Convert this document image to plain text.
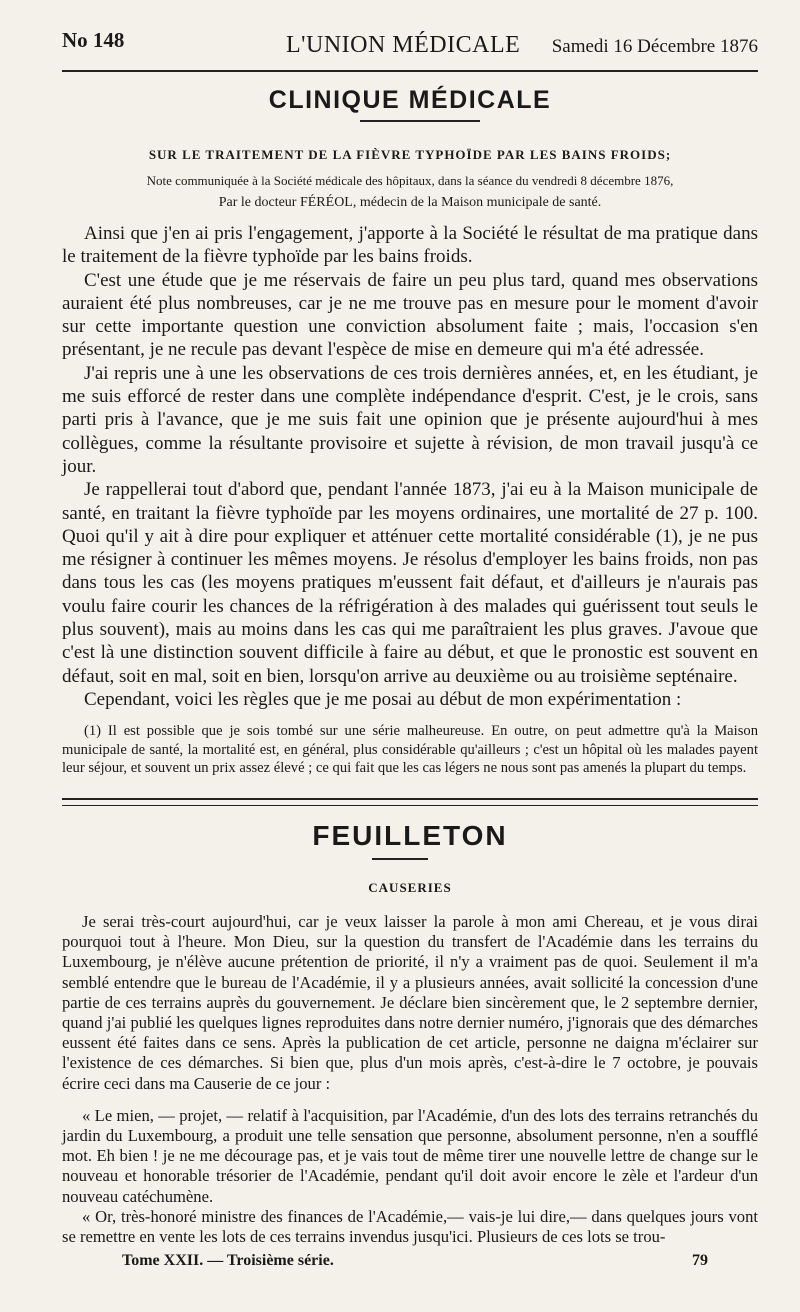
No 148	L'UNION MÉDICALE Samedi 16 Décembre 1876
CLINIQUE MÉDICALE
SUR LE TRAITEMENT DE LA FIÈVRE TYPHOÏDE PAR LES BAINS FROIDS;
Note communiquée à la Société médicale des hôpitaux, dans la séance du vendredi 8 décembre 1876,
Par le docteur FÉRÉOL, médecin de la Maison municipale de santé.

Ainsi que j'en ai pris l'engagement, j'apporte à la Société le résultat de ma pratique dans le traitement de la fièvre typhoïde par les bains froids.

C'est une étude que je me réservais de faire un peu plus tard, quand mes observations auraient été plus nombreuses, car je ne me trouve pas en mesure pour le moment d'avoir sur cette importante question une conviction absolument faite ; mais, l'occasion s'en présentant, je ne recule pas devant l'espèce de mise en demeure qui m'a été adressée.

J'ai repris une à une les observations de ces trois dernières années, et, en les étudiant, je me suis efforcé de rester dans une complète indépendance d'esprit. C'est, je le crois, sans parti pris à l'avance, que je me suis fait une opinion que je présente aujourd'hui à mes collègues, comme la résultante provisoire et sujette à révision, de mon travail jusqu'à ce jour.

Je rappellerai tout d'abord que, pendant l'année 1873, j'ai eu à la Maison municipale de santé, en traitant la fièvre typhoïde par les moyens ordinaires, une mortalité de 27 p. 100. Quoi qu'il y ait à dire pour expliquer et atténuer cette mortalité considérable (1), je ne pus me résigner à continuer les mêmes moyens. Je résolus d'employer les bains froids, non pas dans tous les cas (les moyens pratiques m'eussent fait défaut, et d'ailleurs je n'aurais pas voulu faire courir les chances de la réfrigération à des malades qui guérissent tout seuls le plus souvent), mais au moins dans les cas qui me paraîtraient les plus graves. J'avoue que c'est là une distinction souvent difficile à faire au début, et que le pronostic est souvent en défaut, soit en mal, soit en bien, lorsqu'on arrive au deuxième ou au troisième septénaire.

Cependant, voici les règles que je me posai au début de mon expérimentation :

(1) Il est possible que je sois tombé sur une série malheureuse. En outre, on peut admettre qu'à la Maison municipale de santé, la mortalité est, en général, plus considérable qu'ailleurs ; c'est un hôpital où les malades payent leur séjour, et souvent un prix assez élevé ; ce qui fait que les cas légers ne nous sont pas amenés la plupart du temps.

FEUILLETON
CAUSERIES

Je serai très-court aujourd'hui, car je veux laisser la parole à mon ami Chereau, et je vous dirai pourquoi tout à l'heure. Mon Dieu, sur la question du transfert de l'Académie dans les terrains du Luxembourg, je n'élève aucune prétention de priorité, il n'y a vraiment pas de quoi. Seulement il m'a semblé entendre que le bureau de l'Académie, il y a plusieurs années, avait sollicité la concession d'une partie de ces terrains auprès du gouvernement. Je déclare bien sincèrement que, le 2 septembre dernier, quand j'ai publié les quelques lignes reproduites dans notre dernier numéro, j'ignorais que des démarches eussent été faites dans ce sens. Après la publication de cet article, personne ne daigna m'éclairer sur l'existence de ces démarches. Si bien que, plus d'un mois après, c'est-à-dire le 7 octobre, je pouvais écrire ceci dans ma Causerie de ce jour :

« Le mien, — projet, — relatif à l'acquisition, par l'Académie, d'un des lots des terrains retranchés du jardin du Luxembourg, a produit une telle sensation que personne, absolument personne, n'en a soufflé mot. Eh bien ! je ne me décourage pas, et je vais tout de même tirer une nouvelle lettre de change sur le nouveau et honorable trésorier de l'Académie, pendant qu'il doit avoir encore le zèle et l'ardeur d'un nouveau catéchumène.

« Or, très-honoré ministre des finances de l'Académie,— vais-je lui dire,— dans quelques jours vont se remettre en vente les lots de ces terrains invendus jusqu'ici. Plusieurs de ces lots se trou-

Tome XXII. — Troisième série.	79
